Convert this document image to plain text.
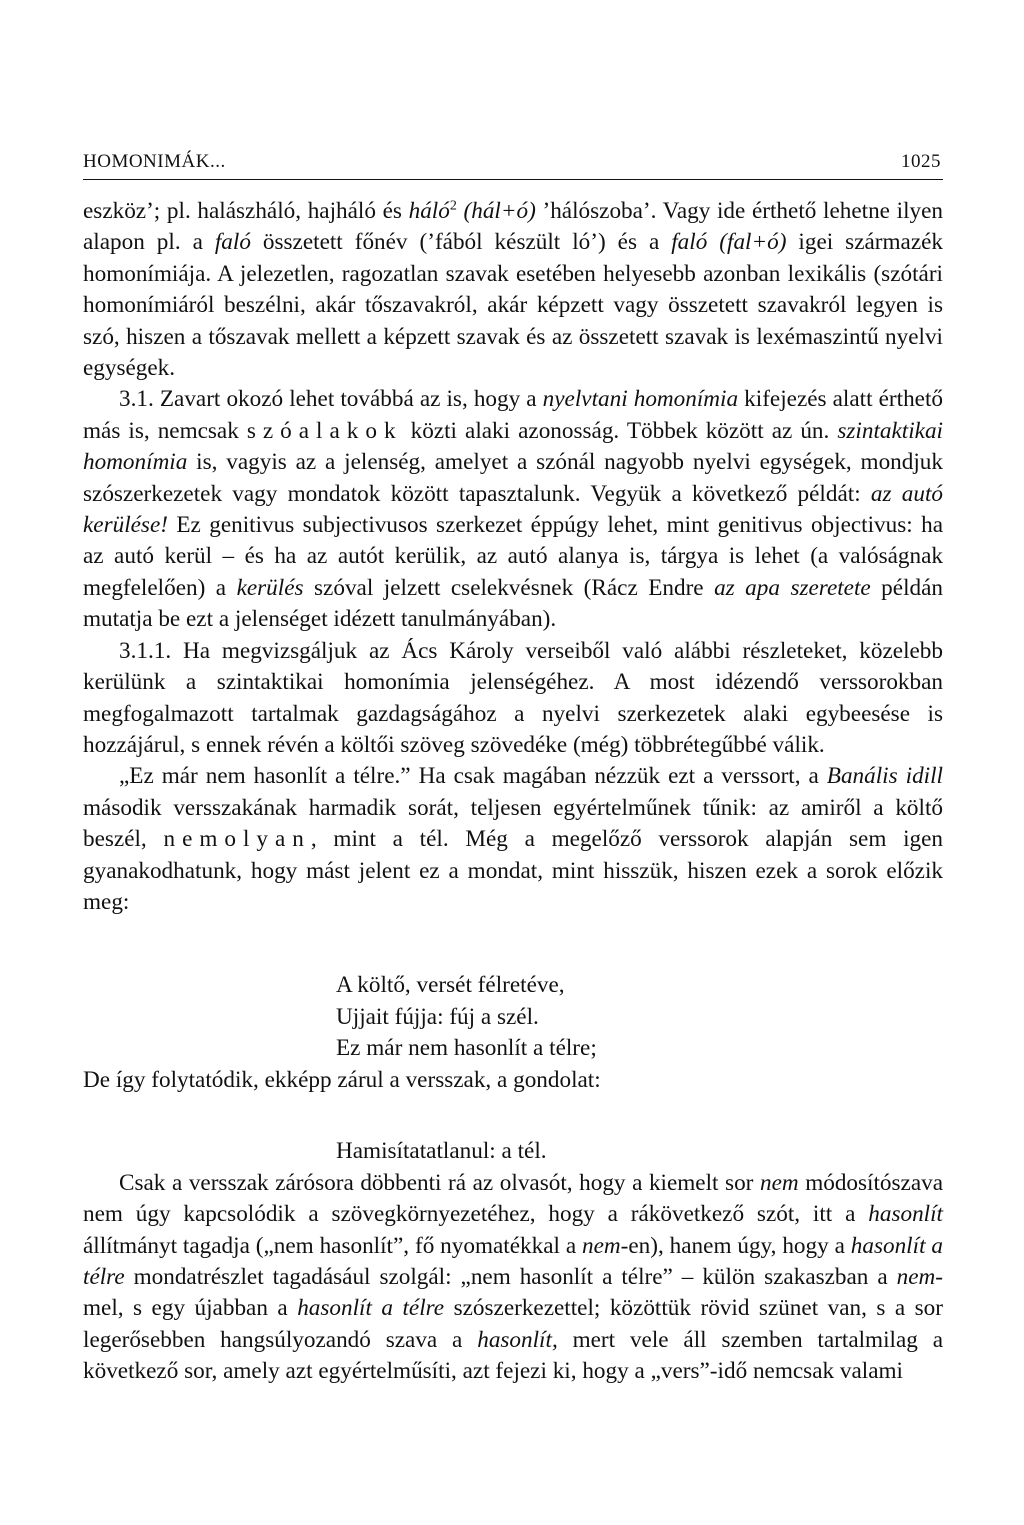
HOMONIMÁK...	1025

eszköz’; pl. halászháló, hajháló és háló$^2$ (hál+ó) ’hálószoba’. Vagy ide érthető lehetne ilyen alapon pl. a faló összetett főnév (’fából készült ló’) és a faló (fal+ó) igei származék homonímiája. A jelezetlen, ragozatlan szavak esetében helyesebb azonban lexikális (szótári homonímiáról beszélni, akár tőszavakról, akár képzett vagy összetett szavakról legyen is szó, hiszen a tőszavak mellett a képzett szavak és az összetett szavak is lexémaszintű nyelvi egységek.

3.1. Zavart okozó lehet továbbá az is, hogy a nyelvtani homonímia kifejezés alatt érthető más is, nemcsak szóalakok közti alaki azonosság. Többek között az ún. szintaktikai homonímia is, vagyis az a jelenség, amelyet a szónál nagyobb nyelvi egységek, mondjuk szószerkezetek vagy mondatok között tapasztalunk. Vegyük a következő példát: az autó kerülése! Ez genitivus subjectivusos szerkezet éppúgy lehet, mint genitivus objectivus: ha az autó kerül – és ha az autót kerülik, az autó alanya is, tárgya is lehet (a valóságnak megfelelően) a kerülés szóval jelzett cselekvésnek (Rácz Endre az apa szeretete példán mutatja be ezt a jelenséget idézett tanulmányában).

3.1.1. Ha megvizsgáljuk az Ács Károly verseiből való alábbi részleteket, közelebb kerülünk a szintaktikai homonímia jelenségéhez. A most idézendő verssorokban megfogalmazott tartalmak gazdagságához a nyelvi szerkezetek alaki egybeesése is hozzájárul, s ennek révén a költői szöveg szövedéke (még) többrétegűbbé válik.

„Ez már nem hasonlít a télre.” Ha csak magában nézzük ezt a verssort, a Banális idill második versszakának harmadik sorát, teljesen egyértelműnek tűnik: az amiről a költő beszél, nemolyan, mint a tél. Még a megelőző verssorok alapján sem igen gyanakodhatunk, hogy mást jelent ez a mondat, mint hisszük, hiszen ezek a sorok előzik meg:

A költő, versét félretéve,
Ujjait fújja: fúj a szél.
Ez már nem hasonlít a télre;

De így folytatódik, ekképp zárul a versszak, a gondolat:

Hamisítatatlanul: a tél.

Csak a versszak zárósora döbbenti rá az olvasót, hogy a kiemelt sor nem módosítószava nem úgy kapcsolódik a szövegkörnyezetéhez, hogy a rákövetkező szót, itt a hasonlít állítmányt tagadja („nem hasonlít”, fő nyomatékkal a nem-en), hanem úgy, hogy a hasonlít a télre mondatrészlet tagadásául szolgál: „nem hasonlít a télre” – külön szakaszban a nem-mel, s egy újabban a hasonlít a télre szószerkezettel; közöttük rövid szünet van, s a sor legerősebben hangsúlyozandó szava a hasonlít, mert vele áll szemben tartalmilag a következő sor, amely azt egyértelműsíti, azt fejezi ki, hogy a „vers”-idő nemcsak valami
